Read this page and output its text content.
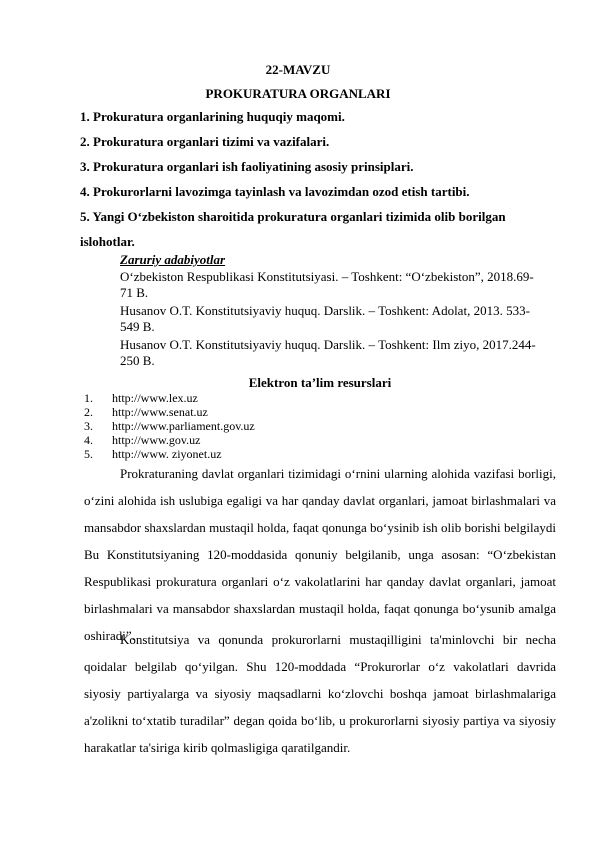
22-MAVZU
PROKURATURA ORGANLARI
1. Prokuratura organlarining huquqiy maqomi.
2. Prokuratura organlari tizimi va vazifalari.
3. Prokuratura organlari ish faoliyatining asosiy prinsiplari.
4. Prokurorlarni lavozimga tayinlash va lavozimdan ozod etish tartibi.
5. Yangi O‘zbekiston sharoitida prokuratura organlari tizimida olib borilgan
islohotlar.
Zaruriy adabiyotlar
O‘zbekiston Respublikasi Konstitutsiyasi. – Toshkent: “O‘zbekiston”, 2018.69-71 B.
Husanov O.T. Konstitutsiyaviy huquq. Darslik. – Toshkent: Adolat, 2013. 533-549 B.
Husanov O.T. Konstitutsiyaviy huquq. Darslik. – Toshkent: Ilm ziyo, 2017.244-250 B.
Elektron ta’lim resurslari
1. http://www.lex.uz
2. http://www.senat.uz
3. http://www.parliament.gov.uz
4. http://www.gov.uz
5. http://www. ziyonet.uz

Prokraturaning davlat organlari tizimidagi o‘rnini ularning alohida vazifasi borligi, o‘zini alohida ish uslubiga egaligi va har qanday davlat organlari, jamoat birlashmalari va mansabdor shaxslardan mustaqil holda, faqat qonunga bo‘ysinib ish olib borishi belgilaydi Bu Konstitutsiyaning 120-moddasida qonuniy belgilanib, unga asosan: “O‘zbekistan Respublikasi prokuratura organlari o‘z vakolatlarini har qanday davlat organlari, jamoat birlashmalari va mansabdor shaxslardan mustaqil holda, faqat qonunga bo‘ysunib amalga oshiradi”.

Konstitutsiya va qonunda prokurorlarni mustaqilligini ta'minlovchi bir necha qoidalar belgilab qo‘yilgan. Shu 120-moddada “Prokurorlar o‘z vakolatlari davrida siyosiy partiyalarga va siyosiy maqsadlarni ko‘zlovchi boshqa jamoat birlashmalariga a'zolikni to‘xtatib turadilar” degan qoida bo‘lib, u prokurorlarni siyosiy partiya va siyosiy harakatlar ta'siriga kirib qolmasligiga qaratilgandir.
